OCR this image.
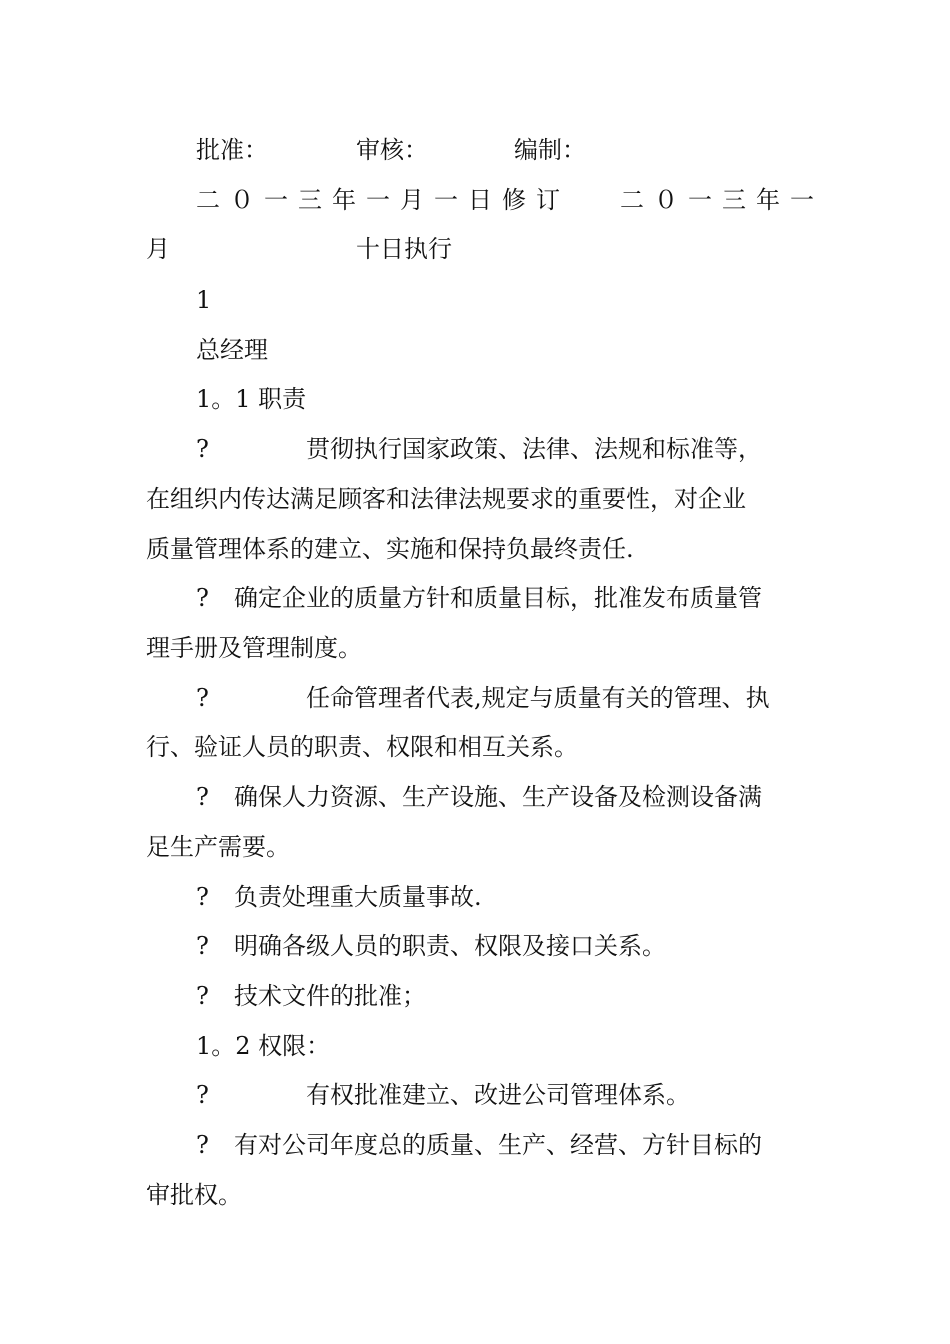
批准：	审核：	编制：
二０一三年一月一日修订 二０一三年一
月	十日执行
1
总经理
1。1 职责
?	贯彻执行国家政策、法律、法规和标准等，
在组织内传达满足顾客和法律法规要求的重要性，对企业
质量管理体系的建立、实施和保持负最终责任.
? 确定企业的质量方针和质量目标，批准发布质量管
理手册及管理制度。
?	任命管理者代表,规定与质量有关的管理、执
行、验证人员的职责、权限和相互关系。
? 确保人力资源、生产设施、生产设备及检测设备满
足生产需要。
? 负责处理重大质量事故.
? 明确各级人员的职责、权限及接口关系。
? 技术文件的批准；
1。2 权限：
?	有权批准建立、改进公司管理体系。
? 有对公司年度总的质量、生产、经营、方针目标的
审批权。
